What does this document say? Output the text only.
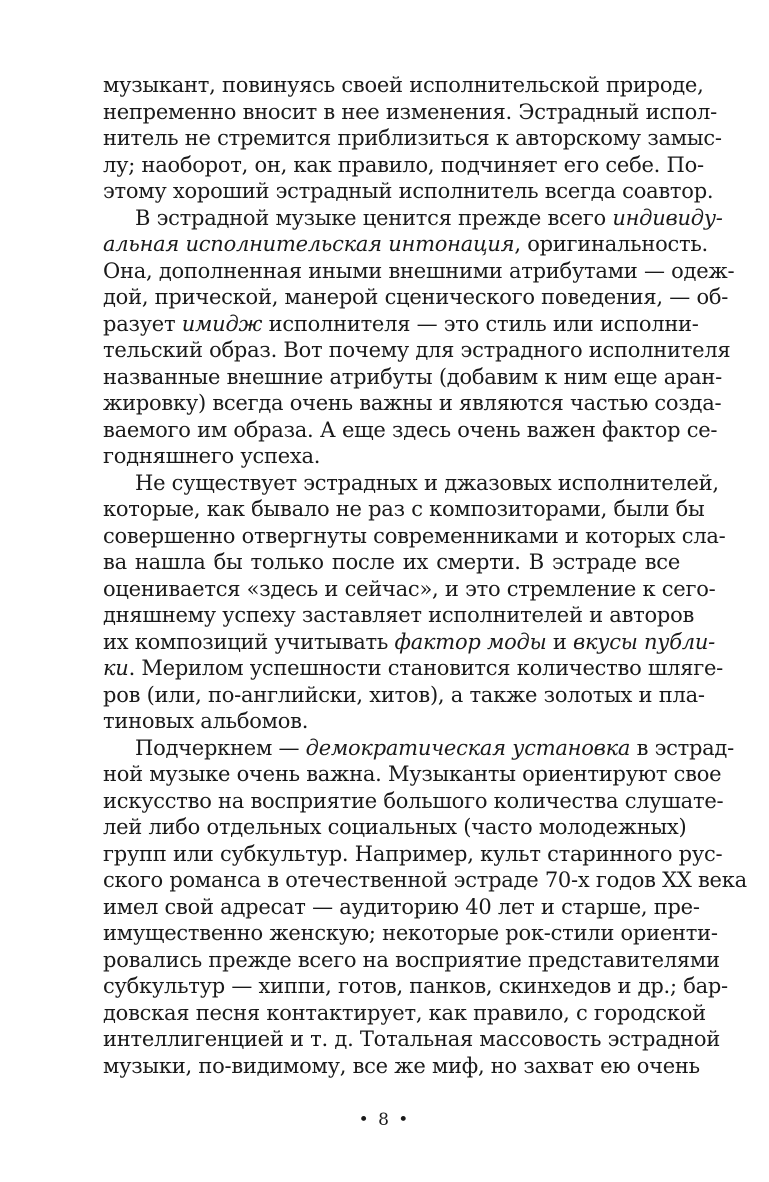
музыкант, повинуясь своей исполнительской природе,
непременно вносит в нее изменения. Эстрадный испол-
нитель не стремится приблизиться к авторскому замыс-
лу; наоборот, он, как правило, подчиняет его себе. По-
этому хороший эстрадный исполнитель всегда соавтор.
В эстрадной музыке ценится прежде всего индивиду-
альная исполнительская интонация, оригинальность.
Она, дополненная иными внешними атрибутами — одеж-
дой, прической, манерой сценического поведения, — об-
разует имидж исполнителя — это стиль или исполни-
тельский образ. Вот почему для эстрадного исполнителя
названные внешние атрибуты (добавим к ним еще аран-
жировку) всегда очень важны и являются частью созда-
ваемого им образа. А еще здесь очень важен фактор се-
годняшнего успеха.
Не существует эстрадных и джазовых исполнителей,
которые, как бывало не раз с композиторами, были бы
совершенно отвергнуты современниками и которых сла-
ва нашла бы только после их смерти. В эстраде все
оценивается «здесь и сейчас», и это стремление к сего-
дняшнему успеху заставляет исполнителей и авторов
их композиций учитывать фактор моды и вкусы публи-
ки. Мерилом успешности становится количество шляге-
ров (или, по-английски, хитов), а также золотых и пла-
тиновых альбомов.
Подчеркнем — демократическая установка в эстрад-
ной музыке очень важна. Музыканты ориентируют свое
искусство на восприятие большого количества слушате-
лей либо отдельных социальных (часто молодежных)
групп или субкультур. Например, культ старинного рус-
ского романса в отечественной эстраде 70-х годов XX века
имел свой адресат — аудиторию 40 лет и старше, пре-
имущественно женскую; некоторые рок-стили ориенти-
ровались прежде всего на восприятие представителями
субкультур — хиппи, готов, панков, скинхедов и др.; бар-
довская песня контактирует, как правило, с городской
интеллигенцией и т. д. Тотальная массовость эстрадной
музыки, по-видимому, все же миф, но захват ею очень
• 8 •
